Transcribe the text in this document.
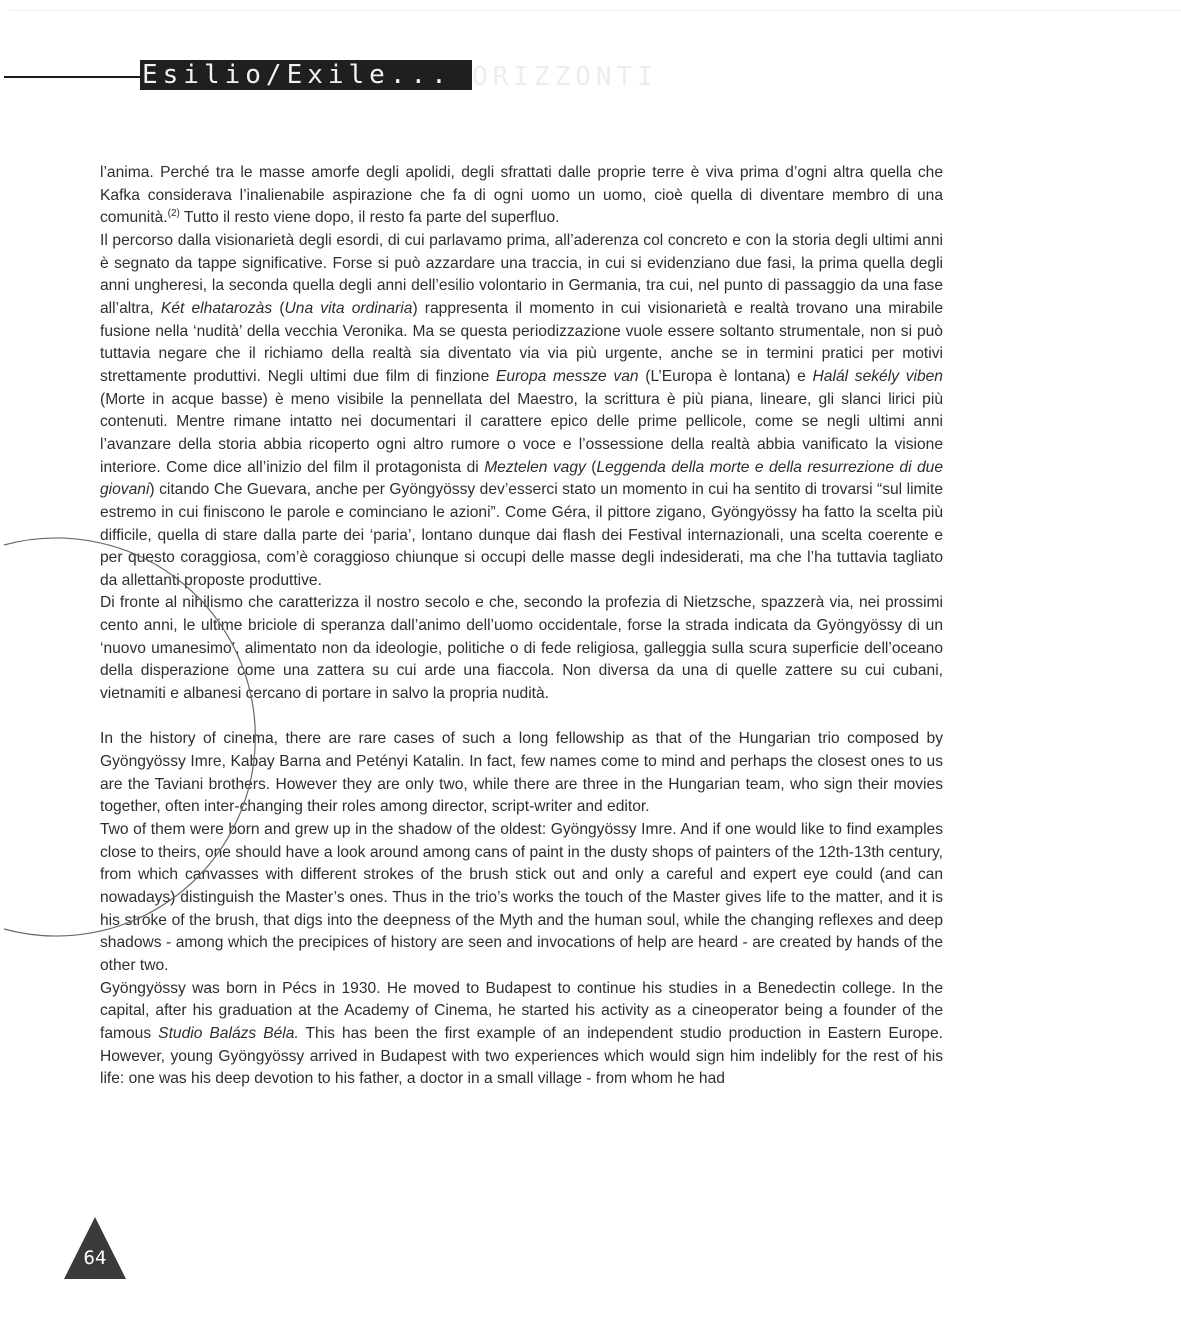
Esilio/Exile... ORIZZONTI

l’anima. Perché tra le masse amorfe degli apolidi, degli sfrattati dalle proprie terre è viva prima d’ogni altra quella che Kafka considerava l’inalienabile aspirazione che fa di ogni uomo un uomo, cioè quella di diventare membro di una comunità.$^{(2)}$ Tutto il resto viene dopo, il resto fa parte del superfluo.

Il percorso dalla visionarietà degli esordi, di cui parlavamo prima, all’aderenza col concreto e con la storia degli ultimi anni è segnato da tappe significative. Forse si può azzardare una traccia, in cui si evidenziano due fasi, la prima quella degli anni ungheresi, la seconda quella degli anni dell’esilio volontario in Germania, tra cui, nel punto di passaggio da una fase all’altra, Két elhatarozàs (Una vita ordinaria) rappresenta il momento in cui visionarietà e realtà trovano una mirabile fusione nella ‘nudità’ della vecchia Veronika. Ma se questa periodizzazione vuole essere soltanto strumentale, non si può tuttavia negare che il richiamo della realtà sia diventato via via più urgente, anche se in termini pratici per motivi strettamente produttivi. Negli ultimi due film di finzione Europa messze van (L’Europa è lontana) e Halál sekély viben (Morte in acque basse) è meno visibile la pennellata del Maestro, la scrittura è più piana, lineare, gli slanci lirici più contenuti. Mentre rimane intatto nei documentari il carattere epico delle prime pellicole, come se negli ultimi anni l’avanzare della storia abbia ricoperto ogni altro rumore o voce e l’ossessione della realtà abbia vanificato la visione interiore. Come dice all’inizio del film il protagonista di Meztelen vagy (Leggenda della morte e della resurrezione di due giovani) citando Che Guevara, anche per Gyöngyössy dev’esserci stato un momento in cui ha sentito di trovarsi “sul limite estremo in cui finiscono le parole e cominciano le azioni”. Come Géra, il pittore zigano, Gyöngyössy ha fatto la scelta più difficile, quella di stare dalla parte dei ‘paria’, lontano dunque dai flash dei Festival internazionali, una scelta coerente e per questo coraggiosa, com’è coraggioso chiunque si occupi delle masse degli indesiderati, ma che l’ha tuttavia tagliato da allettanti proposte produttive.

Di fronte al nihilismo che caratterizza il nostro secolo e che, secondo la profezia di Nietzsche, spazzerà via, nei prossimi cento anni, le ultime briciole di speranza dall’animo dell’uomo occidentale, forse la strada indicata da Gyöngyössy di un ‘nuovo umanesimo’, alimentato non da ideologie, politiche o di fede religiosa, galleggia sulla scura superficie dell’oceano della disperazione come una zattera su cui arde una fiaccola. Non diversa da una di quelle zattere su cui cubani, vietnamiti e albanesi cercano di portare in salvo la propria nudità.

In the history of cinema, there are rare cases of such a long fellowship as that of the Hungarian trio composed by Gyöngyössy Imre, Kabay Barna and Petényi Katalin. In fact, few names come to mind and perhaps the closest ones to us are the Taviani brothers. However they are only two, while there are three in the Hungarian team, who sign their movies together, often inter-changing their roles among director, script-writer and editor.

Two of them were born and grew up in the shadow of the oldest: Gyöngyössy Imre. And if one would like to find examples close to theirs, one should have a look around among cans of paint in the dusty shops of painters of the 12th-13th century, from which canvasses with different strokes of the brush stick out and only a careful and expert eye could (and can nowadays) distinguish the Master’s ones. Thus in the trio’s works the touch of the Master gives life to the matter, and it is his stroke of the brush, that digs into the deepness of the Myth and the human soul, while the changing reflexes and deep shadows - among which the precipices of history are seen and invocations of help are heard - are created by hands of the other two.

Gyöngyössy was born in Pécs in 1930. He moved to Budapest to continue his studies in a Benedectin college. In the capital, after his graduation at the Academy of Cinema, he started his activity as a cineoperator being a founder of the famous Studio Balázs Béla. This has been the first example of an independent studio production in Eastern Europe. However, young Gyöngyössy arrived in Budapest with two experiences which would sign him indelibly for the rest of his life: one was his deep devotion to his father, a doctor in a small village - from whom he had

64
